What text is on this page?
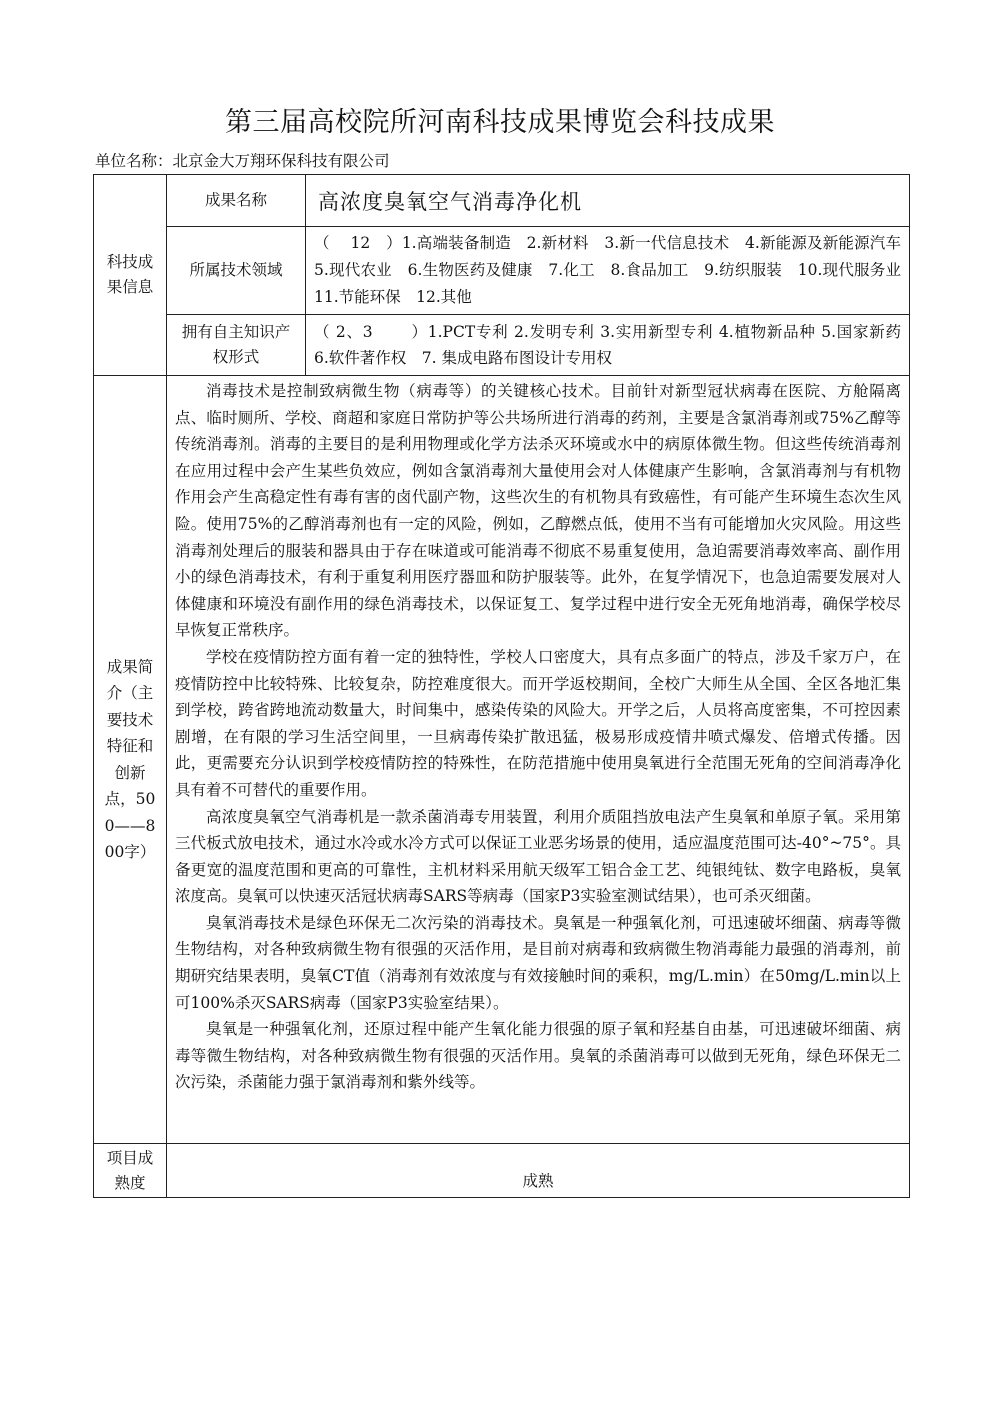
第三届高校院所河南科技成果博览会科技成果
单位名称：北京金大万翔环保科技有限公司
科技成果信息	成果名称	高浓度臭氧空气消毒净化机
	所属技术领域	（　 12　）1.高端装备制造　2.新材料　3.新一代信息技术　4.新能源及新能源汽车　5.现代农业　6.生物医药及健康　7.化工　8.食品加工　9.纺织服装　10.现代服务业　11.节能环保　12.其他

	拥有自主知识产权形式	（ 2、3　　 ）1.PCT专利 2.发明专利 3.实用新型专利 4.植物新品种 5.国家新药　6.软件著作权　7. 集成电路布图设计专用权

成果简介（主要技术特征和创新点，500——800字）	消毒技术是控制致病微生物（病毒等）的关键核心技术。目前针对新型冠状病毒在医院、方舱隔离点、临时厕所、学校、商超和家庭日常防护等公共场所进行消毒的药剂，主要是含氯消毒剂或75%乙醇等传统消毒剂。消毒的主要目的是利用物理或化学方法杀灭环境或水中的病原体微生物。但这些传统消毒剂在应用过程中会产生某些负效应，例如含氯消毒剂大量使用会对人体健康产生影响，含氯消毒剂与有机物作用会产生高稳定性有毒有害的卤代副产物，这些次生的有机物具有致癌性，有可能产生环境生态次生风险。使用75%的乙醇消毒剂也有一定的风险，例如，乙醇燃点低，使用不当有可能增加火灾风险。用这些消毒剂处理后的服装和器具由于存在味道或可能消毒不彻底不易重复使用，急迫需要消毒效率高、副作用小的绿色消毒技术，有利于重复利用医疗器皿和防护服装等。此外，在复学情况下，也急迫需要发展对人体健康和环境没有副作用的绿色消毒技术，以保证复工、复学过程中进行安全无死角地消毒，确保学校尽早恢复正常秩序。

学校在疫情防控方面有着一定的独特性，学校人口密度大，具有点多面广的特点，涉及千家万户，在疫情防控中比较特殊、比较复杂，防控难度很大。而开学返校期间，全校广大师生从全国、全区各地汇集到学校，跨省跨地流动数量大，时间集中，感染传染的风险大。开学之后，人员将高度密集，不可控因素剧增，在有限的学习生活空间里，一旦病毒传染扩散迅猛，极易形成疫情井喷式爆发、倍增式传播。因此，更需要充分认识到学校疫情防控的特殊性，在防范措施中使用臭氧进行全范围无死角的空间消毒净化具有着不可替代的重要作用。

高浓度臭氧空气消毒机是一款杀菌消毒专用装置，利用介质阻挡放电法产生臭氧和单原子氧。采用第三代板式放电技术，通过水冷或水冷方式可以保证工业恶劣场景的使用，适应温度范围可达-40°~75°。具备更宽的温度范围和更高的可靠性，主机材料采用航天级军工铝合金工艺、纯银纯钛、数字电路板，臭氧浓度高。臭氧可以快速灭活冠状病毒SARS等病毒（国家P3实验室测试结果），也可杀灭细菌。

臭氧消毒技术是绿色环保无二次污染的消毒技术。臭氧是一种强氧化剂，可迅速破坏细菌、病毒等微生物结构，对各种致病微生物有很强的灭活作用，是目前对病毒和致病微生物消毒能力最强的消毒剂，前期研究结果表明，臭氧CT值（消毒剂有效浓度与有效接触时间的乘积，mg/L.min）在50mg/L.min以上可100%杀灭SARS病毒（国家P3实验室结果）。

臭氧是一种强氧化剂，还原过程中能产生氧化能力很强的原子氧和羟基自由基，可迅速破坏细菌、病毒等微生物结构，对各种致病微生物有很强的灭活作用。臭氧的杀菌消毒可以做到无死角，绿色环保无二次污染，杀菌能力强于氯消毒剂和紫外线等。	

项目成熟度	成熟	
